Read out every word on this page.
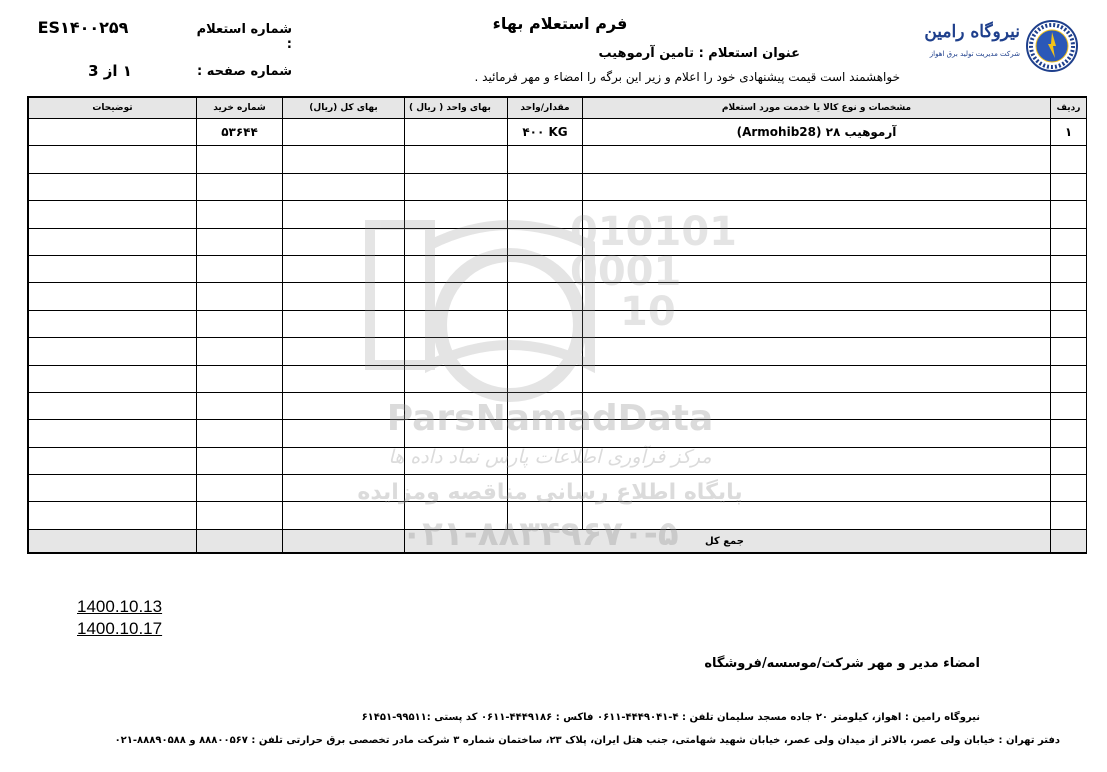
فرم استعلام بهاء
شماره استعلام :
ES۱۴۰۰۲۵۹
شماره صفحه :
۱ از 3
عنوان استعلام : تامین آرموهیب
خواهشمند است قیمت پیشنهادی خود را اعلام و زیر این برگه را امضاء و مهر فرمائید .
نیروگاه رامین
شرکت مدیریت تولید برق اهواز
ردیف	مشخصات و نوع کالا یا خدمت مورد استعلام	مقدار/واحد	بهای واحد ( ریال )	بهای کل (ریال)	شماره خرید	توضیحات
۱	آرموهیب ۲۸ (Armohib28)	۴۰۰ KG			۵۳۶۴۴	

	جمع کل					
010101
0001
10
ParsNamadData
مرکز فرآوری اطلاعات پارس نماد داده ها
پایگاه اطلاع رسانی مناقصه ومزایده
۰۲۱-۸۸۳۴۹۶۷۰-۵
1400.10.13
1400.10.17
امضاء مدیر و مهر شرکت/موسسه/فروشگاه
نیروگاه رامین : اهواز، کیلومتر ۲۰ جاده مسجد سلیمان تلفن : ۴-۴۴۴۹۰۴۱-۰۶۱۱ فاکس : ۴۴۴۹۱۸۶-۰۶۱۱ کد پستی :۹۹۵۱۱-۶۱۴۵۱
دفتر تهران : خیابان ولی عصر، بالاتر از میدان ولی عصر، خیابان شهید شهامتی، جنب هتل ایران، پلاک ۲۳، ساختمان شماره ۳ شرکت مادر تخصصی برق حرارتی تلفن : ۸۸۸۰۰۵۶۷ و ۸۸۸۹۰۵۸۸-۰۲۱
